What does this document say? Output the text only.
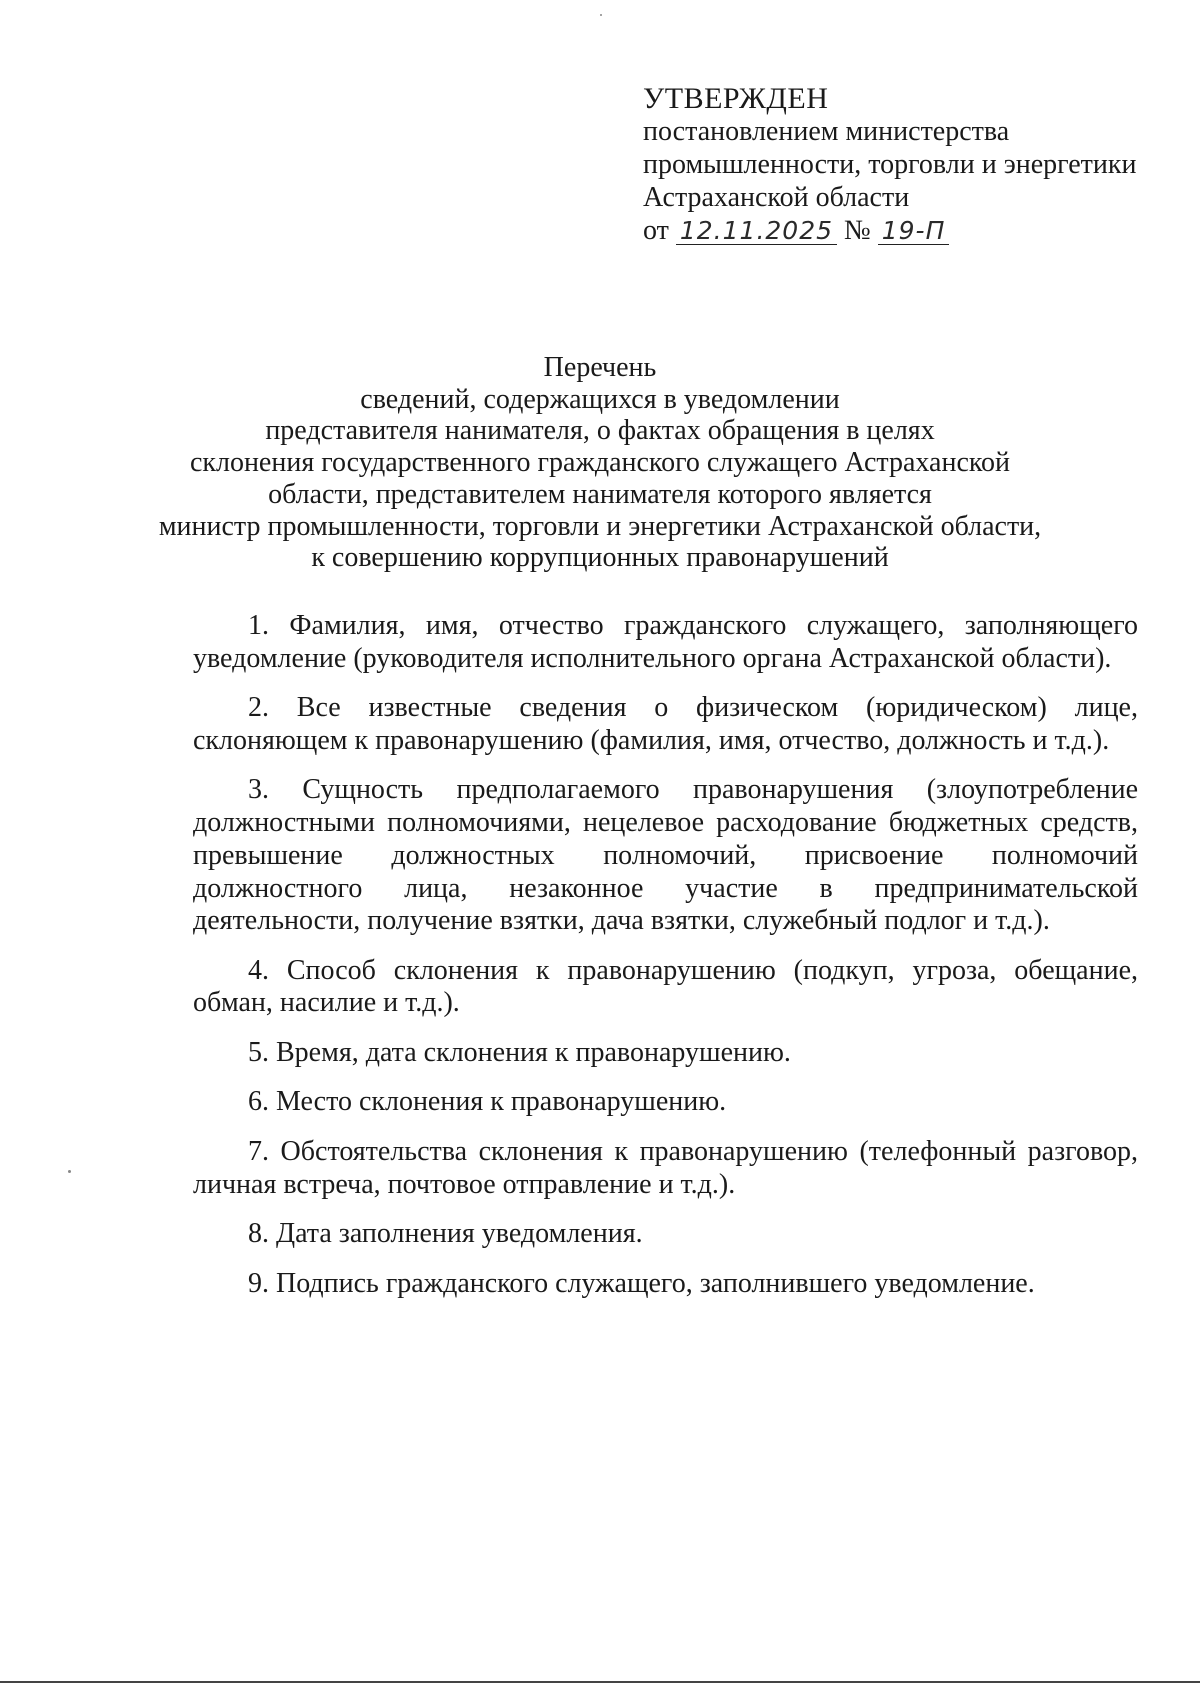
УТВЕРЖДЕН
постановлением министерства
промышленности, торговли и энергетики
Астраханской области
от 12.11.2025 № 19-П
Перечень
сведений, содержащихся в уведомлении
представителя нанимателя, о фактах обращения в целях
склонения государственного гражданского служащего Астраханской
области, представителем нанимателя которого является
министр промышленности, торговли и энергетики Астраханской области,
к совершению коррупционных правонарушений

1. Фамилия, имя, отчество гражданского служащего, заполняющего уведомление (руководителя исполнительного органа Астраханской области).

2. Все известные сведения о физическом (юридическом) лице, склоняющем к правонарушению (фамилия, имя, отчество, должность и т.д.).

3. Сущность предполагаемого правонарушения (злоупотребление должностными полномочиями, нецелевое расходование бюджетных средств, превышение должностных полномочий, присвоение полномочий должностного лица, незаконное участие в предпринимательской деятельности, получение взятки, дача взятки, служебный подлог и т.д.).

4. Способ склонения к правонарушению (подкуп, угроза, обещание, обман, насилие и т.д.).

5. Время, дата склонения к правонарушению.

6. Место склонения к правонарушению.

7. Обстоятельства склонения к правонарушению (телефонный разговор, личная встреча, почтовое отправление и т.д.).

8. Дата заполнения уведомления.

9. Подпись гражданского служащего, заполнившего уведомление.
